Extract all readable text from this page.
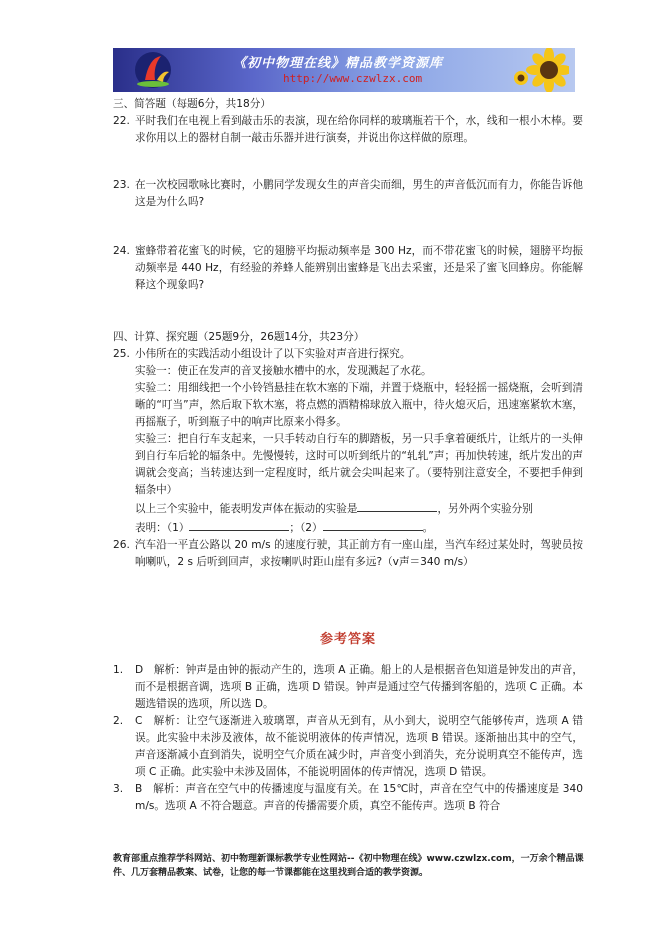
《初中物理在线》精品教学资源库
http://www.czwlzx.com

三、简答题（每题6分，共18分）

22. 平时我们在电视上看到敲击乐的表演，现在给你同样的玻璃瓶若干个，水，线和一根小木棒。要求你用以上的器材自制一敲击乐器并进行演奏，并说出你这样做的原理。
23. 在一次校园歌咏比赛时，小鹏同学发现女生的声音尖而细，男生的声音低沉而有力，你能告诉他这是为什么吗?
24. 蜜蜂带着花蜜飞的时候，它的翅膀平均振动频率是 300 Hz，而不带花蜜飞的时候，翅膀平均振动频率是 440 Hz，有经验的养蜂人能辨别出蜜蜂是飞出去采蜜，还是采了蜜飞回蜂房。你能解释这个现象吗?

四、计算、探究题（25题9分，26题14分，共23分）

25. 小伟所在的实践活动小组设计了以下实验对声音进行探究。
实验一：使正在发声的音叉接触水槽中的水，发现溅起了水花。
实验二：用细线把一个小铃铛悬挂在软木塞的下端，并置于烧瓶中，轻轻摇一摇烧瓶，会听到清晰的“叮当”声，然后取下软木塞，将点燃的酒精棉球放入瓶中，待火熄灭后，迅速塞紧软木塞，再摇瓶子，听到瓶子中的响声比原来小得多。
实验三：把自行车支起来，一只手转动自行车的脚踏板，另一只手拿着硬纸片，让纸片的一头伸到自行车后轮的辐条中。先慢慢转，这时可以听到纸片的“轧轧”声；再加快转速，纸片发出的声调就会变高；当转速达到一定程度时，纸片就会尖叫起来了。（要特别注意安全，不要把手伸到辐条中）
以上三个实验中，能表明发声体在振动的实验是	，另外两个实验分别
表明：（1）	；（2）	。
26. 汽车沿一平直公路以 20 m/s 的速度行驶，其正前方有一座山崖，当汽车经过某处时，驾驶员按响喇叭，2 s 后听到回声，求按喇叭时距山崖有多远?（v声＝340 m/s）
参考答案
1.	D　解析：钟声是由钟的振动产生的，选项 A 正确。船上的人是根据音色知道是钟发出的声音，而不是根据音调，选项 B 正确，选项 D 错误。钟声是通过空气传播到客船的，选项 C 正确。本题选错误的选项，所以选 D。
2.	C　解析：让空气逐渐进入玻璃罩，声音从无到有，从小到大，说明空气能够传声，选项 A 错误。此实验中未涉及液体，故不能说明液体的传声情况，选项 B 错误。逐渐抽出其中的空气，声音逐渐减小直到消失，说明空气介质在减少时，声音变小到消失，充分说明真空不能传声，选项 C 正确。此实验中未涉及固体，不能说明固体的传声情况，选项 D 错误。
3.	B　解析：声音在空气中的传播速度与温度有关。在 15℃时，声音在空气中的传播速度是 340 m/s。选项 A 不符合题意。声音的传播需要介质，真空不能传声。选项 B 符合
教育部重点推荐学科网站、初中物理新课标教学专业性网站--《初中物理在线》www.czwlzx.com，一万余个精品课件、几万套精品教案、试卷，让您的每一节课都能在这里找到合适的教学资源。
